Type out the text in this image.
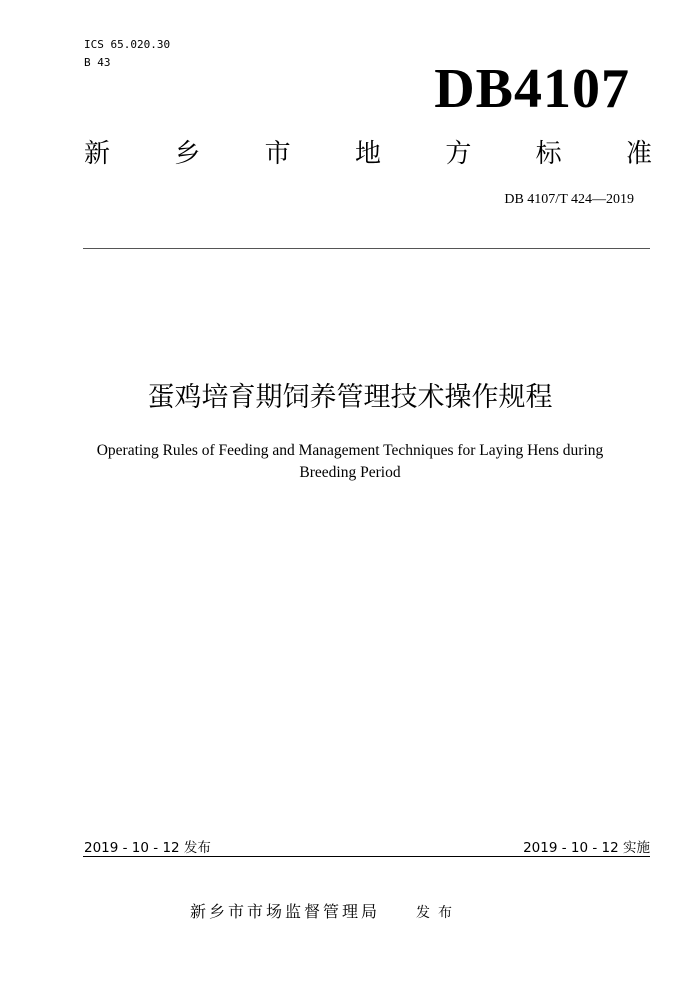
ICS 65.020.30
B 43	DB4107
新 乡 市 地 方 标 准
DB 4107/T 424—2019
蛋鸡培育期饲养管理技术操作规程
Operating Rules of Feeding and Management Techniques for Laying Hens during
Breeding Period
2019 - 10 - 12 发布	2019 - 10 - 12 实施
新乡市市场监督管理局	发布
